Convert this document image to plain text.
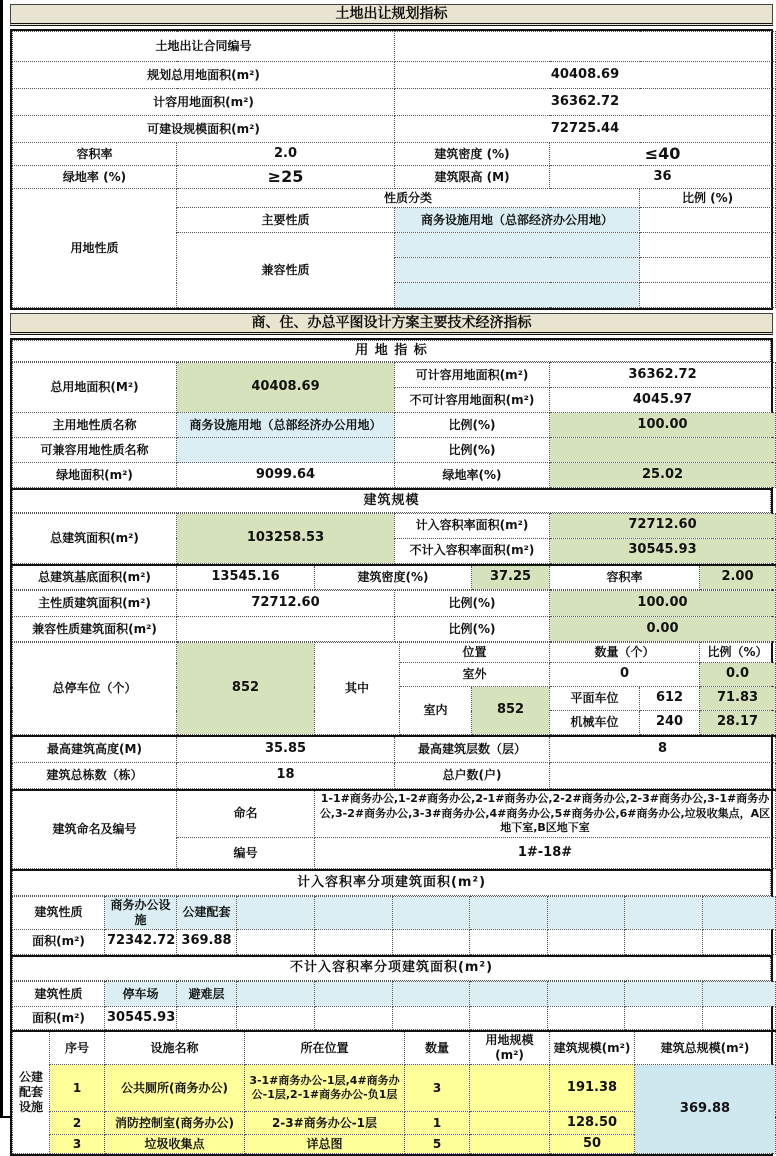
土地出让规划指标
土地出让合同编号				
规划总用地面积(m²)		40408.69		
计容用地面积(m²)		36362.72		
可建设规模面积(m²)		72725.44		
容积率	2.0	建筑密度 (%)	≤40	
绿地率 (%)	≥25	建筑限高 (M)	36	
用地性质	性质分类			比例 (%)
	主要性质	商务设施用地（总部经济办公用地）		
	兼容性质			

商、住、办总平图设计方案主要技术经济指标
用 地 指 标
总用地面积(M²)	40408.69	可计容用地面积(m²)	36362.72
		不可计容用地面积(m²)	4045.97
主用地性质名称	商务设施用地（总部经济办公用地）	比例(%)	100.00
可兼容用地性质名称		比例(%)	
绿地面积(m²)	9099.64	绿地率(%)	25.02
建筑规模
总建筑面积(m²)	103258.53	计入容积率面积(m²)	72712.60
		不计入容积率面积(m²)	30545.93
总建筑基底面积(m²)	13545.16	建筑密度(%)	37.25	容积率	2.00
主性质建筑面积(m²)	72712.60	比例(%)	100.00
兼容性质建筑面积(m²)		比例(%)	0.00
总停车位（个）	852	其中	位置		数量（个）		比例（%）
			室外		0		0.0
			室内	852	平面车位	612	71.83
					机械车位	240	28.17
最高建筑高度(M)	35.85	最高建筑层数（层）	8
建筑总栋数（栋）	18	总户数(户)	
建筑命名及编号	命名	1-1#商务办公,1-2#商务办公,2-1#商务办公,2-2#商务办公,2-3#商务办公,3-1#商务办公,3-2#商务办公,3-3#商务办公,4#商务办公,5#商务办公,6#商务办公,垃圾收集点，A区地下室,B区地下室
	编号	1#-18#
计入容积率分项建筑面积(m²)
建筑性质	商务办公设施	公建配套							
面积(m²)	72342.72	369.88							
不计入容积率分项建筑面积(m²)
建筑性质	停车场	避难层							
面积(m²)	30545.93								
公建配套设施	序号	设施名称	所在位置	数量	用地规模(m²)	建筑规模(m²)	建筑总规模(m²)
	1	公共厕所(商务办公)	3-1#商务办公-1层,4#商务办公-1层,2-1#商务办公-负1层	3		191.38	369.88
	2	消防控制室(商务办公)	2-3#商务办公-1层	1		128.50	
	3	垃圾收集点	详总图	5		50	
